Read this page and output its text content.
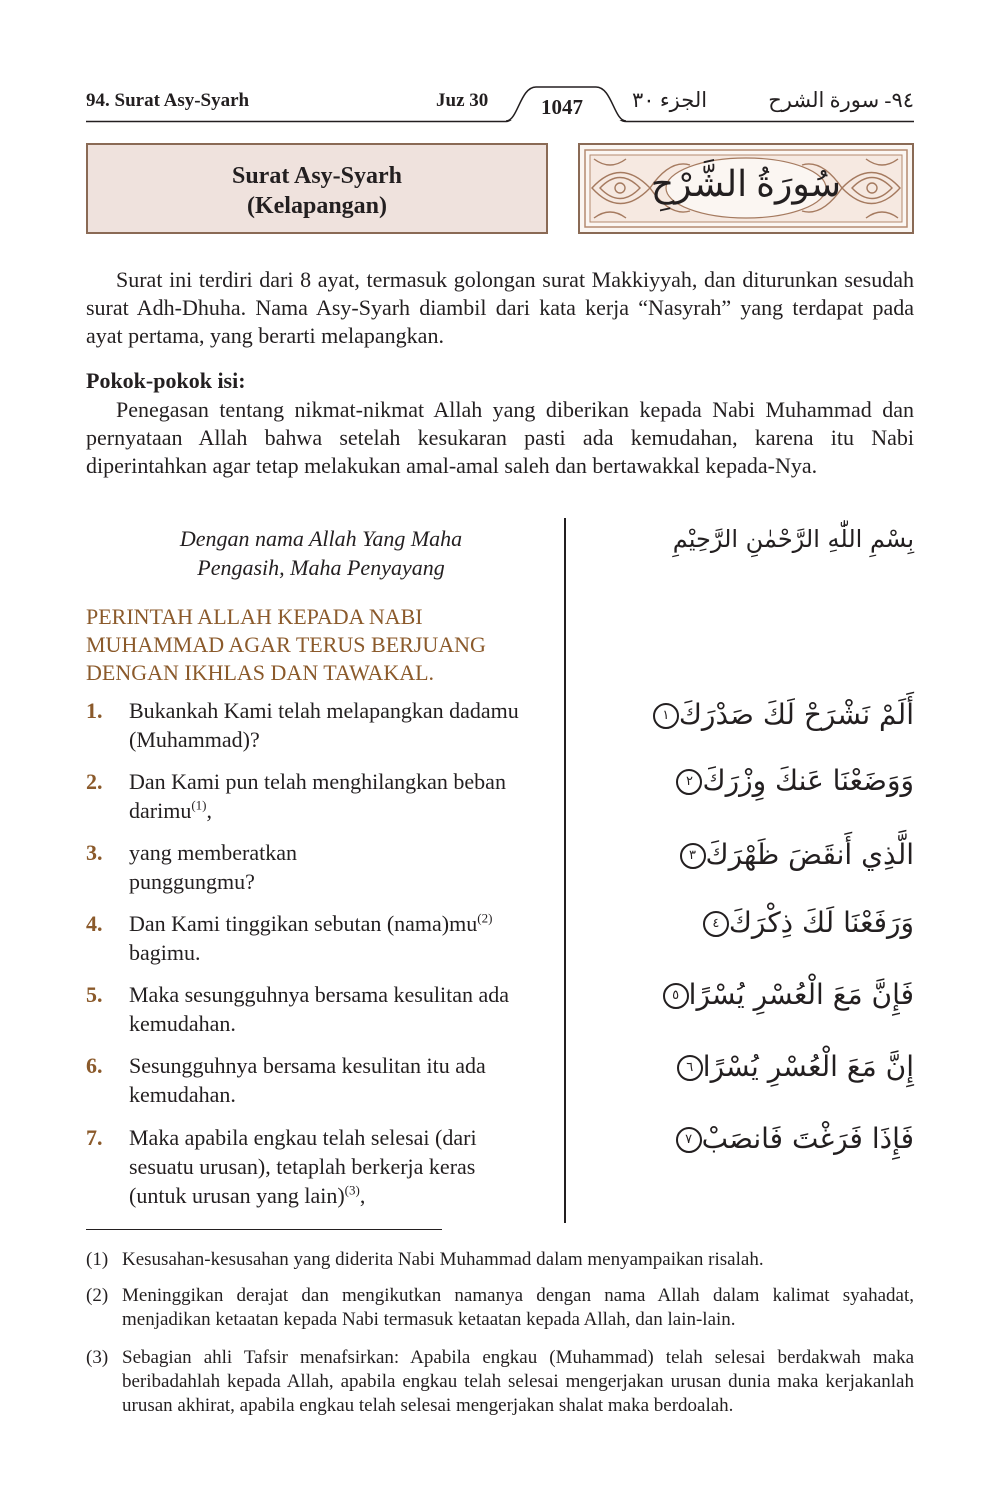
94. Surat Asy-Syarh	Juz 30	1047 الجزء ٣٠	٩٤- سورة الشرح
Surat Asy-Syarh
(Kelapangan)
سُورَةُ الشَّرْحِ
Surat ini terdiri dari 8 ayat, termasuk golongan surat Makkiyyah, dan diturunkan sesudah surat Adh-Dhuha. Nama Asy-Syarh diambil dari kata kerja “Nasyrah” yang terdapat pada ayat pertama, yang berarti melapangkan.
Pokok-pokok isi:
Penegasan tentang nikmat-nikmat Allah yang diberikan kepada Nabi Muhammad dan pernyataan Allah bahwa setelah kesukaran pasti ada kemudahan, karena itu Nabi diperintahkan agar tetap melakukan amal-amal saleh dan bertawakkal kepada-Nya.
Dengan nama Allah Yang Maha
Pengasih, Maha Penyayang
بِسْمِ اللّٰهِ الرَّحْمٰنِ الرَّحِيْمِ
PERINTAH ALLAH KEPADA NABI
MUHAMMAD AGAR TERUS BERJUANG
DENGAN IKHLAS DAN TAWAKAL.
1. Bukankah Kami telah melapangkan dadamu (Muhammad)?
2. Dan Kami pun telah menghilangkan beban darimu$^{(1)}$,
3. yang memberatkan punggungmu?
4. Dan Kami tinggikan sebutan $(nama)mu^{(2)}$ bagimu.
5. Maka sesungguhnya bersama kesulitan ada kemudahan.
6. Sesungguhnya bersama kesulitan itu ada kemudahan.
7. Maka apabila engkau telah selesai (dari sesuatu urusan), tetaplah berkerja keras (untuk urusan yang lain)$^{(3)}$,
أَلَمْ نَشْرَحْ لَكَ صَدْرَكَ١
وَوَضَعْنَا عَنكَ وِزْرَكَ٢
الَّذِي أَنقَضَ ظَهْرَكَ٣
وَرَفَعْنَا لَكَ ذِكْرَكَ٤
فَإِنَّ مَعَ الْعُسْرِ يُسْرًا٥
إِنَّ مَعَ الْعُسْرِ يُسْرًا٦
فَإِذَا فَرَغْتَ فَانصَبْ٧
(1) Kesusahan-kesusahan yang diderita Nabi Muhammad dalam menyampaikan risalah.
(2) Meninggikan derajat dan mengikutkan namanya dengan nama Allah dalam kalimat syahadat, menjadikan ketaatan kepada Nabi termasuk ketaatan kepada Allah, dan lain-lain.
(3) Sebagian ahli Tafsir menafsirkan: Apabila engkau (Muhammad) telah selesai berdakwah maka beribadahlah kepada Allah, apabila engkau telah selesai mengerjakan urusan dunia maka kerjakanlah urusan akhirat, apabila engkau telah selesai mengerjakan shalat maka berdoalah.
